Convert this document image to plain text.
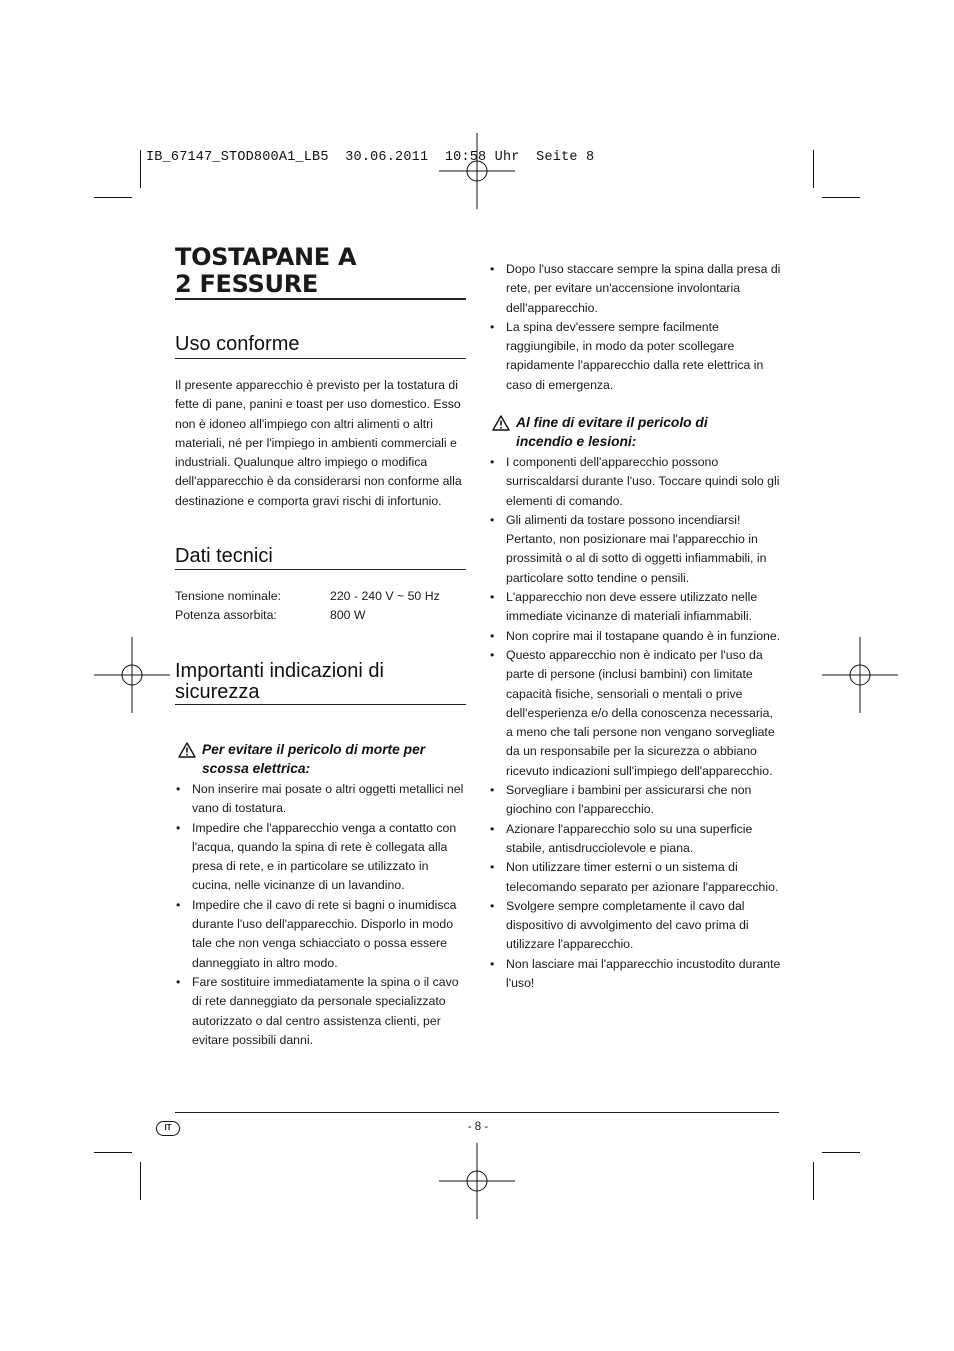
IB_67147_STOD800A1_LB5  30.06.2011  10:58 Uhr  Seite 8
TOSTAPANE A
2 FESSURE
Uso conforme

Il presente apparecchio è previsto per la tostatura di fette di pane, panini e toast per uso domestico. Esso non è idoneo all'impiego con altri alimenti o altri materiali, né per l'impiego in ambienti commerciali e industriali. Qualunque altro impiego o modifica dell'apparecchio è da considerarsi non conforme alla destinazione e comporta gravi rischi di infortunio.

Dati tecnici
Tensione nominale:	220 - 240 V ~ 50 Hz
Potenza assorbita:	800 W
Importanti indicazioni di sicurezza
Per evitare il pericolo di morte per scossa elettrica:
• Non inserire mai posate o altri oggetti metallici nel vano di tostatura.
• Impedire che l'apparecchio venga a contatto con l'acqua, quando la spina di rete è collegata alla presa di rete, e in particolare se utilizzato in cucina, nelle vicinanze di un lavandino.
• Impedire che il cavo di rete si bagni o inumidisca durante l'uso dell'apparecchio. Disporlo in modo tale che non venga schiacciato o possa essere danneggiato in altro modo.
• Fare sostituire immediatamente la spina o il cavo di rete danneggiato da personale specializzato autorizzato o dal centro assistenza clienti, per evitare possibili danni.
• Dopo l'uso staccare sempre la spina dalla presa di rete, per evitare un'accensione involontaria dell'apparecchio.
• La spina dev'essere sempre facilmente raggiungibile, in modo da poter scollegare rapidamente l'apparecchio dalla rete elettrica in caso di emergenza.
Al fine di evitare il pericolo di incendio e lesioni:
• I componenti dell'apparecchio possono surriscaldarsi durante l'uso. Toccare quindi solo gli elementi di comando.
• Gli alimenti da tostare possono incendiarsi! Pertanto, non posizionare mai l'apparecchio in prossimità o al di sotto di oggetti infiammabili, in particolare sotto tendine o pensili.
• L'apparecchio non deve essere utilizzato nelle immediate vicinanze di materiali infiammabili.
• Non coprire mai il tostapane quando è in funzione.
• Questo apparecchio non è indicato per l'uso da parte di persone (inclusi bambini) con limitate capacità fisiche, sensoriali o mentali o prive dell'esperienza e/o della conoscenza necessaria, a meno che tali persone non vengano sorvegliate da un responsabile per la sicurezza o abbiano ricevuto indicazioni sull'impiego dell'apparecchio.
• Sorvegliare i bambini per assicurarsi che non giochino con l'apparecchio.
• Azionare l'apparecchio solo su una superficie stabile, antisdrucciolevole e piana.
• Non utilizzare timer esterni o un sistema di telecomando separato per azionare l'apparecchio.
• Svolgere sempre completamente il cavo dal dispositivo di avvolgimento del cavo prima di utilizzare l'apparecchio.
• Non lasciare mai l'apparecchio incustodito durante l'uso!
IT	- 8 -
